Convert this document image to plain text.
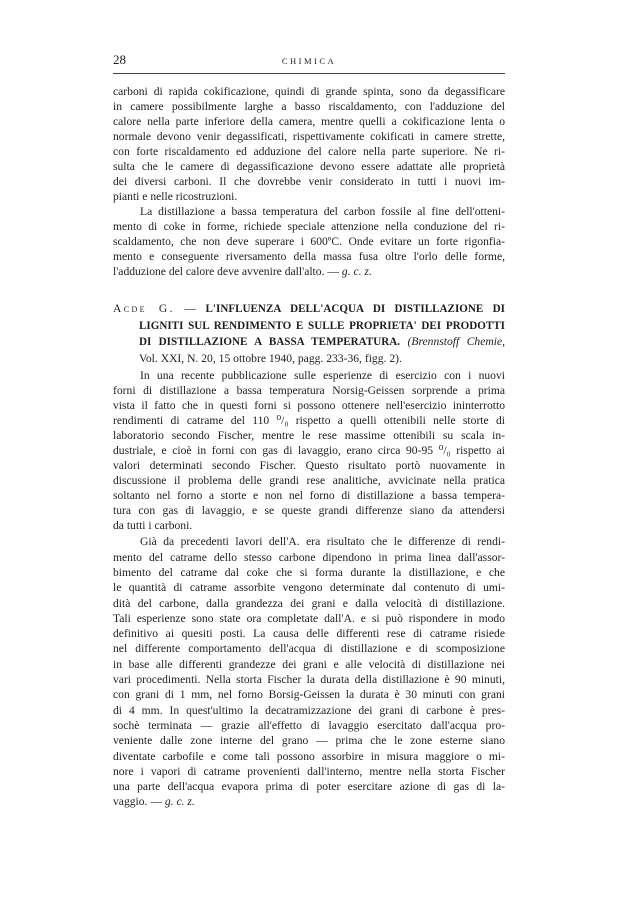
28	CHIMICA
carboni di rapida cokificazione, quindi di grande spinta, sono da degassificare
in camere possibilmente larghe a basso riscaldamento, con l'adduzione del
calore nella parte inferiore della camera, mentre quelli a cokificazione lenta o
normale devono venir degassificati, rispettivamente cokificati in camere strette,
con forte riscaldamento ed adduzione del calore nella parte superiore. Ne ri-
sulta che le camere di degassificazione devono essere adattate alle proprietà
dei diversi carboni. Il che dovrebbe venir considerato in tutti i nuovi im-
pianti e nelle ricostruzioni.
La distillazione a bassa temperatura del carbon fossile al fine dell'otteni-
mento di coke in forme, richiede speciale attenzione nella conduzione del ri-
scaldamento, che non deve superare i 600ºC. Onde evitare un forte rigonfia-
mento e conseguente riversamento della massa fusa oltre l'orlo delle forme,
l'adduzione del calore deve avvenire dall'alto. — g. c. z.
Acde G. — L'INFLUENZA DELL'ACQUA DI DISTILLAZIONE DI
LIGNITI SUL RENDIMENTO E SULLE PROPRIETA' DEI PRODOTTI
DI DISTILLAZIONE A BASSA TEMPERATURA. (Brennstoff Chemie,
Vol. XXI, N. 20, 15 ottobre 1940, pagg. 233-36, figg. 2).
In una recente pubblicazione sulle esperienze di esercizio con i nuovi
forni di distillazione a bassa temperatura Norsig-Geissen sorprende a prima
vista il fatto che in questi forni si possono ottenere nell'esercizio ininterrotto
rendimenti di catrame del 110 ⁰/₀ rispetto a quelli ottenibili nelle storte di
laboratorio secondo Fischer, mentre le rese massime ottenibili su scala in-
dustriale, e cioè in forni con gas di lavaggio, erano circa 90-95 ⁰/₀ rispetto ai
valori determinati secondo Fischer. Questo risultato portò nuovamente in
discussione il problema delle grandi rese analitiche, avvicinate nella pratica
soltanto nel forno a storte e non nel forno di distillazione a bassa tempera-
tura con gas di lavaggio, e se queste grandi differenze siano da attendersi
da tutti i carboni.
Già da precedenti lavori dell'A. era risultato che le differenze di rendi-
mento del catrame dello stesso carbone dipendono in prima linea dall'assor-
bimento del catrame dal coke che si forma durante la distillazione, e che
le quantità di catrame assorbite vengono determinate dal contenuto di umi-
dità del carbone, dalla grandezza dei grani e dalla velocità di distillazione.
Tali esperienze sono state ora completate dall'A. e si può rispondere in modo
definitivo ai quesiti posti. La causa delle differenti rese di catrame risiede
nel differente comportamento dell'acqua di distillazione e di scomposizione
in base alle differenti grandezze dei grani e alle velocità di distillazione nei
vari procedimenti. Nella storta Fischer la durata della distillazione è 90 minuti,
con grani di 1 mm, nel forno Borsig-Geissen la durata è 30 minuti con grani
di 4 mm. In quest'ultimo la decatramizzazione dei grani di carbone è pres-
sochè terminata — grazie all'effetto di lavaggio esercitato dall'acqua pro-
veniente dalle zone interne del grano — prima che le zone esterne siano
diventate carbofile e come tali possono assorbire in misura maggiore o mi-
nore i vapori di catrame provenienti dall'interno, mentre nella storta Fischer
una parte dell'acqua evapora prima di poter esercitare azione di gas di la-
vaggio. — g. c. z.
